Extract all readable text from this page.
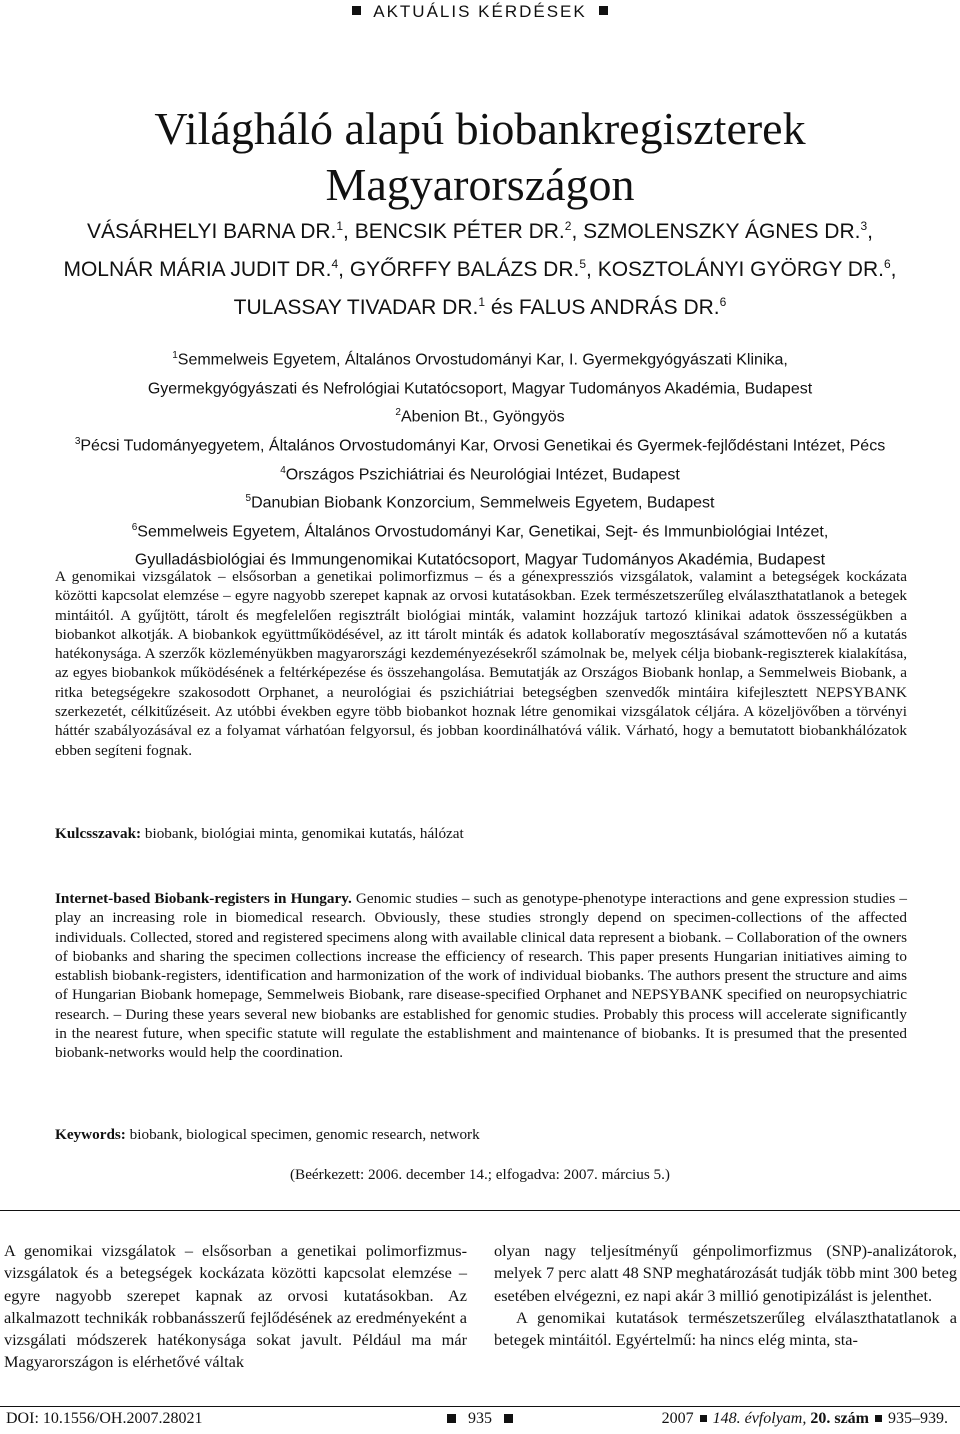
AKTUÁLIS KÉRDÉSEK
Világháló alapú biobankregiszterek
Magyarországon
VÁSÁRHELYI BARNA DR.$^1$, BENCSIK PÉTER DR.$^2$, SZMOLENSZKY ÁGNES DR.$^3$,
MOLNÁR MÁRIA JUDIT DR.$^4$, GYŐRFFY BALÁZS DR.$^5$, KOSZTOLÁNYI GYÖRGY DR.$^6$,
TULASSAY TIVADAR DR.$^1$ és FALUS ANDRÁS DR.$^6$
$^1$Semmelweis Egyetem, Általános Orvostudományi Kar, I. Gyermekgyógyászati Klinika,
Gyermekgyógyászati és Nefrológiai Kutatócsoport, Magyar Tudományos Akadémia, Budapest
$^2$Abenion Bt., Gyöngyös
$^3$Pécsi Tudományegyetem, Általános Orvostudományi Kar, Orvosi Genetikai és Gyermek-fejlődéstani Intézet, Pécs
$^4$Országos Pszichiátriai és Neurológiai Intézet, Budapest
$^5$Danubian Biobank Konzorcium, Semmelweis Egyetem, Budapest
$^6$Semmelweis Egyetem, Általános Orvostudományi Kar, Genetikai, Sejt- és Immunbiológiai Intézet,
Gyulladásbiológiai és Immungenomikai Kutatócsoport, Magyar Tudományos Akadémia, Budapest

A genomikai vizsgálatok – elsősorban a genetikai polimorfizmus – és a génexpressziós vizsgálatok, valamint a betegségek kockázata közötti kapcsolat elemzése – egyre nagyobb szerepet kapnak az orvosi kutatásokban. Ezek természetszerűleg elválaszthatatlanok a betegek mintáitól. A gyűjtött, tárolt és megfelelően regisztrált biológiai minták, valamint hozzájuk tartozó klinikai adatok összességükben a biobankot alkotják. A biobankok együttműködésével, az itt tárolt minták és adatok kollaboratív megosztásával számottevően nő a kutatás hatékonysága. A szerzők közleményükben magyarországi kezdeményezésekről számolnak be, melyek célja biobank-regiszterek kialakítása, az egyes biobankok működésének a feltérképezése és összehangolása. Bemutatják az Országos Biobank honlap, a Semmelweis Biobank, a ritka betegségekre szakosodott Orphanet, a neurológiai és pszichiátriai betegségben szenvedők mintáira kifejlesztett NEPSYBANK szerkezetét, célkitűzéseit. Az utóbbi években egyre több biobankot hoznak létre genomikai vizsgálatok céljára. A közeljövőben a törvényi háttér szabályozásával ez a folyamat várhatóan felgyorsul, és jobban koordinálhatóvá válik. Várható, hogy a bemutatott biobankhálózatok ebben segíteni fognak.

Kulcsszavak: biobank, biológiai minta, genomikai kutatás, hálózat

Internet-based Biobank-registers in Hungary. Genomic studies – such as genotype-phenotype interactions and gene expression studies – play an increasing role in biomedical research. Obviously, these studies strongly depend on specimen-collections of the affected individuals. Collected, stored and registered specimens along with available clinical data represent a biobank. – Collaboration of the owners of biobanks and sharing the specimen collections increase the efficiency of research. This paper presents Hungarian initiatives aiming to establish biobank-registers, identification and harmonization of the work of individual biobanks. The authors present the structure and aims of Hungarian Biobank homepage, Semmelweis Biobank, rare disease-specified Orphanet and NEPSYBANK specified on neuropsychiatric research. – During these years several new biobanks are established for genomic studies. Probably this process will accelerate significantly in the nearest future, when specific statute will regulate the establishment and maintenance of biobanks. It is presumed that the presented biobank-networks would help the coordination.

Keywords: biobank, biological specimen, genomic research, network
(Beérkezett: 2006. december 14.; elfogadva: 2007. március 5.)

A genomikai vizsgálatok – elsősorban a genetikai polimorfizmus-vizsgálatok és a betegségek kockázata közötti kapcsolat elemzése – egyre nagyobb szerepet kapnak az orvosi kutatásokban. Az alkalmazott technikák robbanásszerű fejlődésének az eredményeként a vizsgálati módszerek hatékonysága sokat javult. Például ma már Magyarországon is elérhetővé váltak

olyan nagy teljesítményű génpolimorfizmus (SNP)-analizátorok, melyek 7 perc alatt 48 SNP meghatározását tudják több mint 300 beteg esetében elvégezni, ez napi akár 3 millió genotipizálást is jelenthet.

A genomikai kutatások természetszerűleg elválaszthatatlanok a betegek mintáitól. Egyértelmű: ha nincs elég minta, sta-

DOI: 10.1556/OH.2007.28021	935	2007 148. évfolyam, 20. szám 935–939.
